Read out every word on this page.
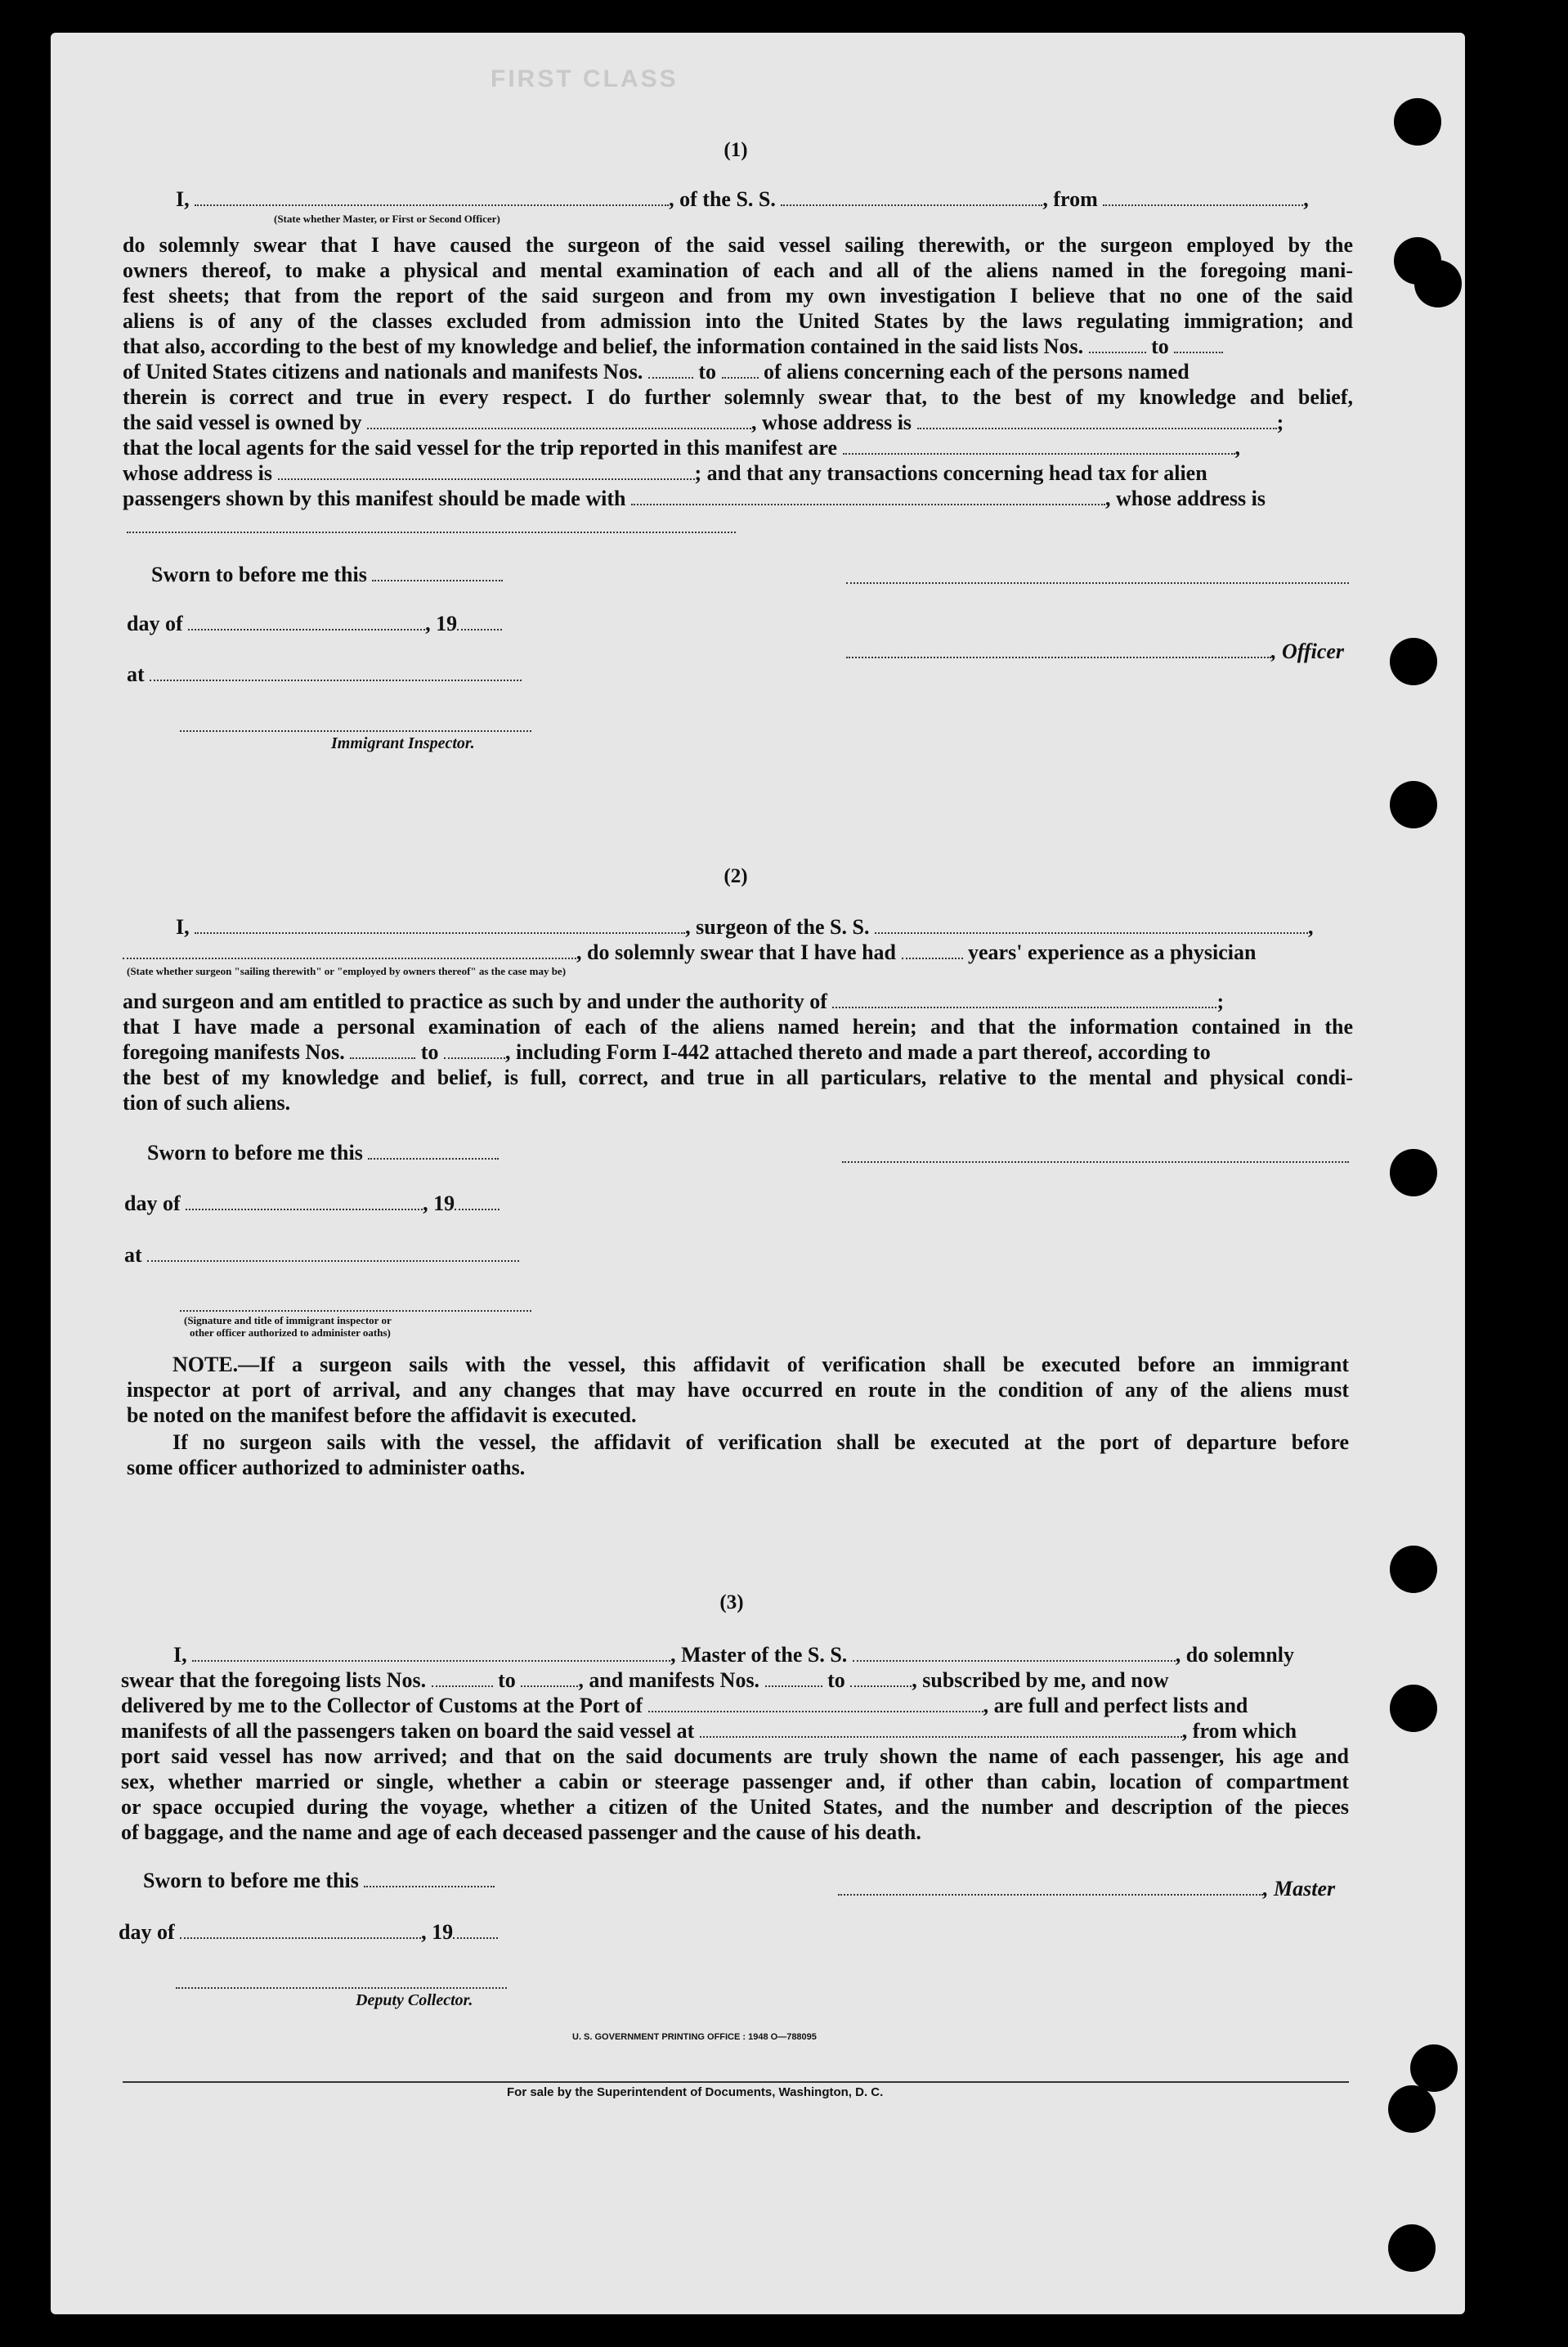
FIRST CLASS
(1)
I,	, of the S. S.	, from	,
(State whether Master, or First or Second Officer)
do solemnly swear that I have caused the surgeon of the said vessel sailing therewith, or the surgeon employed by the
owners thereof, to make a physical and mental examination of each and all of the aliens named in the foregoing mani-
fest sheets; that from the report of the said surgeon and from my own investigation I believe that no one of the said
aliens is of any of the classes excluded from admission into the United States by the laws regulating immigration; and
that also, according to the best of my knowledge and belief, the information contained in the said lists Nos.	to
of United States citizens and nationals and manifests Nos.	to of aliens concerning each of the persons named
therein is correct and true in every respect. I do further solemnly swear that, to the best of my knowledge and belief,
the said vessel is owned by	, whose address is	;
that the local agents for the said vessel for the trip reported in this manifest are	,
whose address is	; and that any transactions concerning head tax for alien
passengers shown by this manifest should be made with	, whose address is
Sworn to before me this
day of	, 19
, Officer
at
Immigrant Inspector.
(2)
I,	, surgeon of the S. S.	,
, do solemnly swear that I have had	years' experience as a physician
(State whether surgeon "sailing therewith" or "employed by owners thereof" as the case may be)
and surgeon and am entitled to practice as such by and under the authority of	;
that I have made a personal examination of each of the aliens named herein; and that the information contained in the
foregoing manifests Nos.	to	, including Form I-442 attached thereto and made a part thereof, according to
the best of my knowledge and belief, is full, correct, and true in all particulars, relative to the mental and physical condi-
tion of such aliens.
Sworn to before me this
day of	, 19
at
(Signature and title of immigrant inspector or
other officer authorized to administer oaths)
NOTE.—If a surgeon sails with the vessel, this affidavit of verification shall be executed before an immigrant
inspector at port of arrival, and any changes that may have occurred en route in the condition of any of the aliens must
be noted on the manifest before the affidavit is executed.
If no surgeon sails with the vessel, the affidavit of verification shall be executed at the port of departure before
some officer authorized to administer oaths.
(3)
I,	, Master of the S. S.	, do solemnly
swear that the foregoing lists Nos.	to	, and manifests Nos.	to	, subscribed by me, and now
delivered by me to the Collector of Customs at the Port of	, are full and perfect lists and
manifests of all the passengers taken on board the said vessel at	, from which
port said vessel has now arrived; and that on the said documents are truly shown the name of each passenger, his age and
sex, whether married or single, whether a cabin or steerage passenger and, if other than cabin, location of compartment
or space occupied during the voyage, whether a citizen of the United States, and the number and description of the pieces
of baggage, and the name and age of each deceased passenger and the cause of his death.
Sworn to before me this	, Master
day of	, 19
Deputy Collector.
U. S. GOVERNMENT PRINTING OFFICE : 1948 O—788095
For sale by the Superintendent of Documents, Washington, D. C.
